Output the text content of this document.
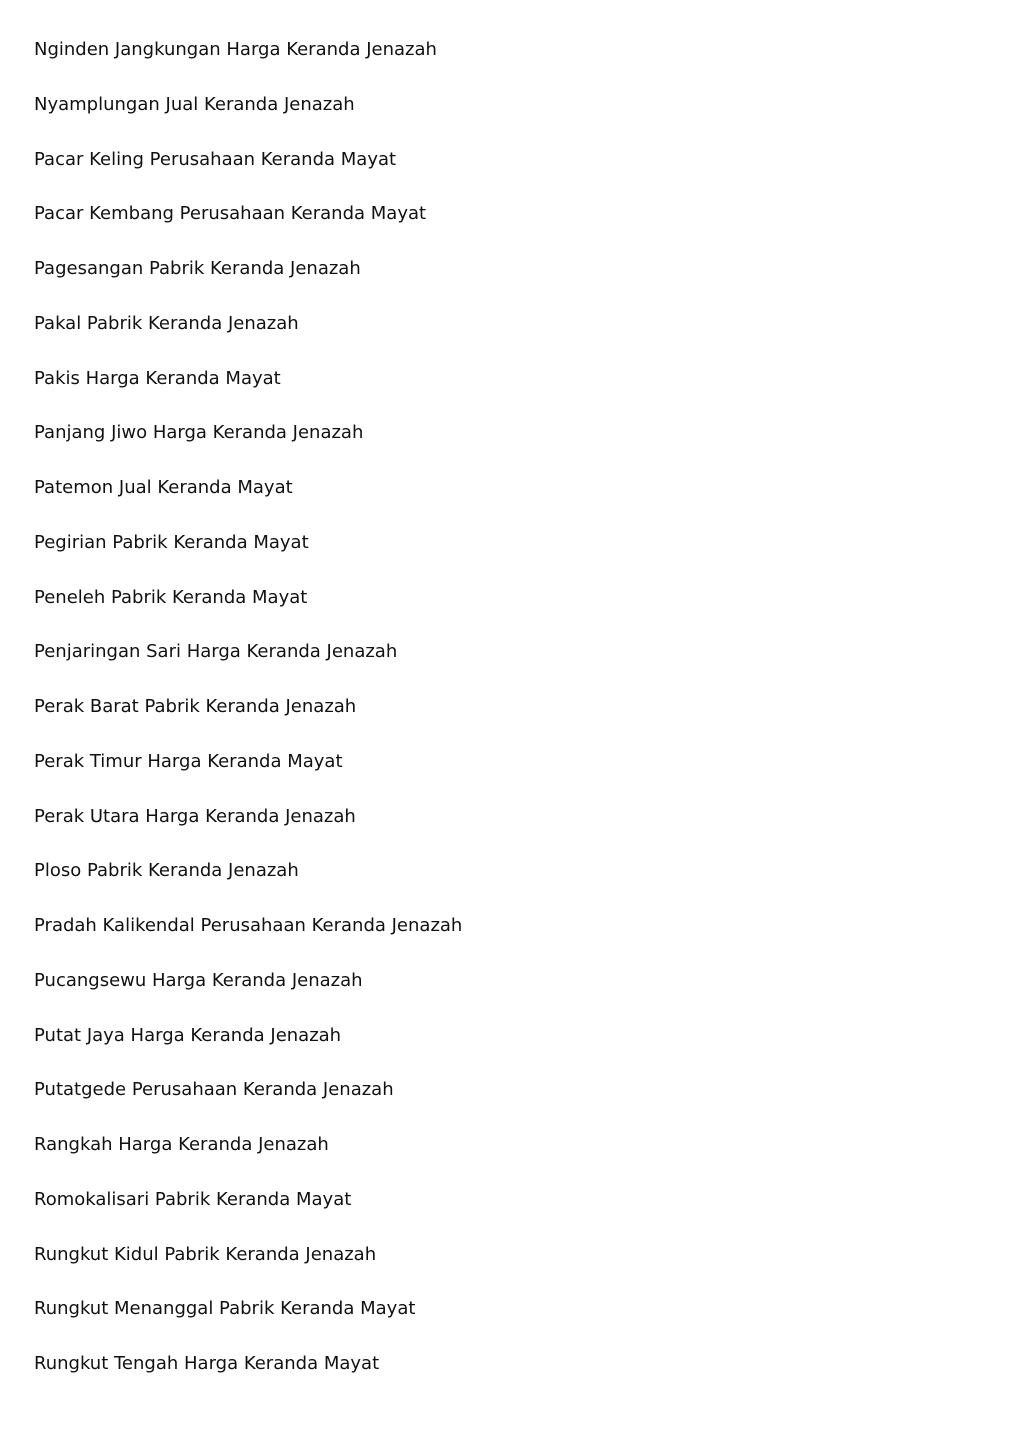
Nginden Jangkungan Harga Keranda Jenazah
Nyamplungan Jual Keranda Jenazah
Pacar Keling Perusahaan Keranda Mayat
Pacar Kembang Perusahaan Keranda Mayat
Pagesangan Pabrik Keranda Jenazah
Pakal Pabrik Keranda Jenazah
Pakis Harga Keranda Mayat
Panjang Jiwo Harga Keranda Jenazah
Patemon Jual Keranda Mayat
Pegirian Pabrik Keranda Mayat
Peneleh Pabrik Keranda Mayat
Penjaringan Sari Harga Keranda Jenazah
Perak Barat Pabrik Keranda Jenazah
Perak Timur Harga Keranda Mayat
Perak Utara Harga Keranda Jenazah
Ploso Pabrik Keranda Jenazah
Pradah Kalikendal Perusahaan Keranda Jenazah
Pucangsewu Harga Keranda Jenazah
Putat Jaya Harga Keranda Jenazah
Putatgede Perusahaan Keranda Jenazah
Rangkah Harga Keranda Jenazah
Romokalisari Pabrik Keranda Mayat
Rungkut Kidul Pabrik Keranda Jenazah
Rungkut Menanggal Pabrik Keranda Mayat
Rungkut Tengah Harga Keranda Mayat
